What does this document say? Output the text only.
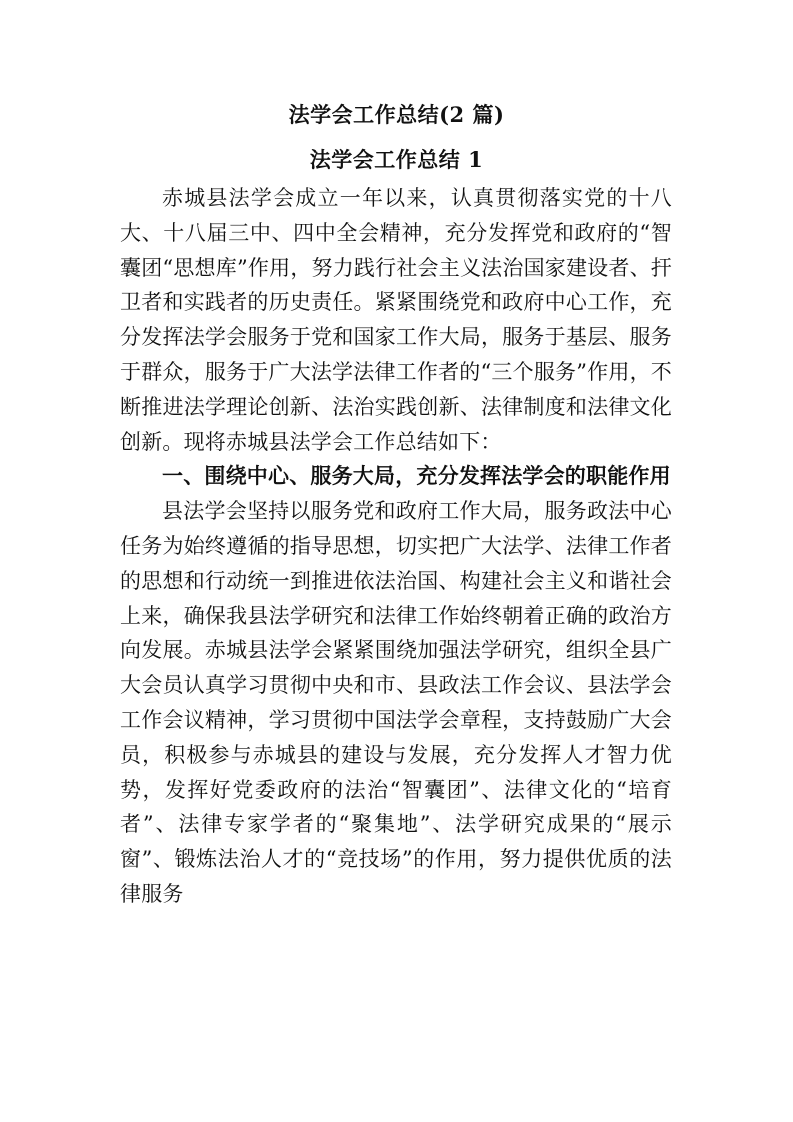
法学会工作总结(2 篇)
法学会工作总结 1

赤城县法学会成立一年以来，认真贯彻落实党的十八大、十八届三中、四中全会精神，充分发挥党和政府的“智囊团“思想库”作用，努力践行社会主义法治国家建设者、扞卫者和实践者的历史责任。紧紧围绕党和政府中心工作，充分发挥法学会服务于党和国家工作大局，服务于基层、服务于群众，服务于广大法学法律工作者的“三个服务”作用，不断推进法学理论创新、法治实践创新、法律制度和法律文化创新。现将赤城县法学会工作总结如下：

一、围绕中心、服务大局，充分发挥法学会的职能作用

县法学会坚持以服务党和政府工作大局，服务政法中心任务为始终遵循的指导思想，切实把广大法学、法律工作者的思想和行动统一到推进依法治国、构建社会主义和谐社会上来，确保我县法学研究和法律工作始终朝着正确的政治方向发展。赤城县法学会紧紧围绕加强法学研究，组织全县广大会员认真学习贯彻中央和市、县政法工作会议、县法学会工作会议精神，学习贯彻中国法学会章程，支持鼓励广大会员，积极参与赤城县的建设与发展，充分发挥人才智力优势，发挥好党委政府的法治“智囊团”、法律文化的“培育者”、法律专家学者的“聚集地”、法学研究成果的“展示窗”、锻炼法治人才的“竞技场”的作用，努力提供优质的法律服务
